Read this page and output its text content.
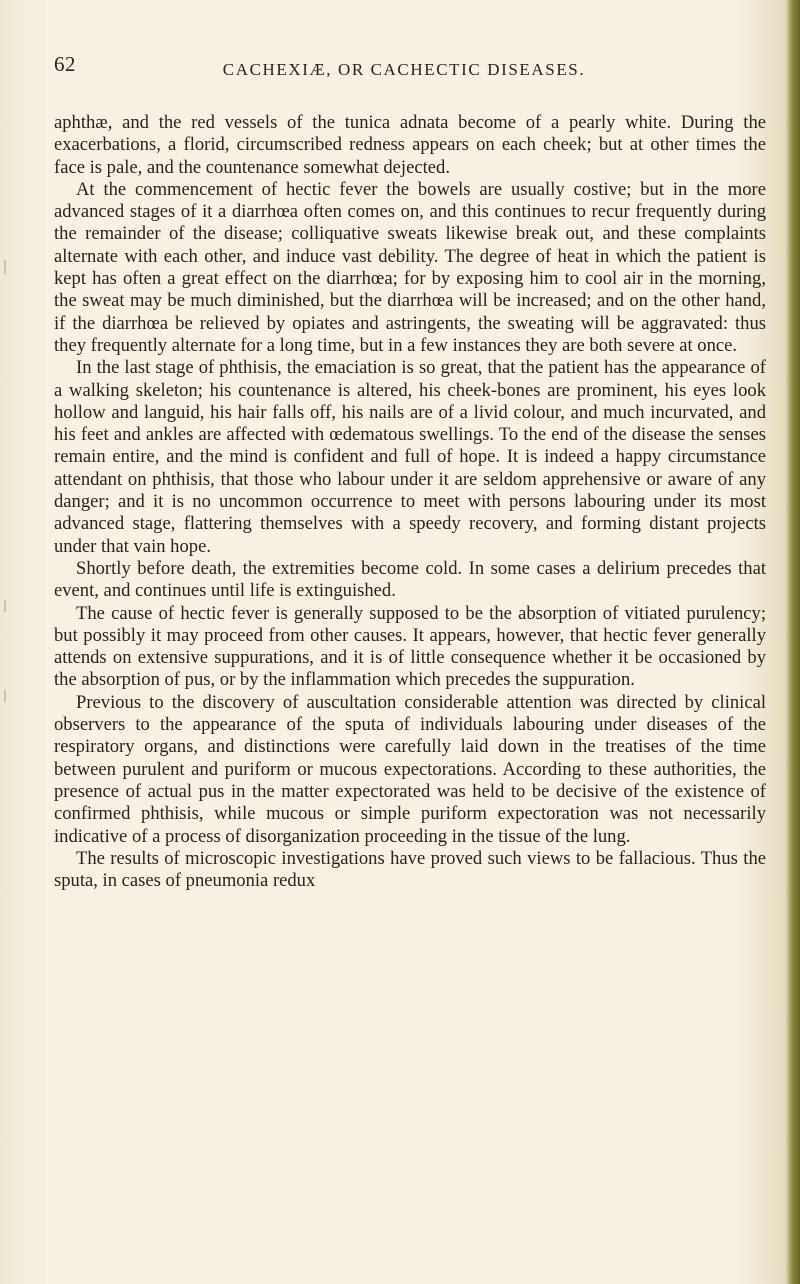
62	CACHEXIÆ, OR CACHECTIC DISEASES.

aphthæ, and the red vessels of the tunica adnata become of a pearly white. During the exacerbations, a florid, circumscribed redness appears on each cheek; but at other times the face is pale, and the countenance somewhat dejected.

At the commencement of hectic fever the bowels are usually costive; but in the more advanced stages of it a diarrhœa often comes on, and this continues to recur frequently during the remainder of the disease; colliquative sweats likewise break out, and these complaints alternate with each other, and induce vast debility. The degree of heat in which the patient is kept has often a great effect on the diarrhœa; for by exposing him to cool air in the morning, the sweat may be much diminished, but the diarrhœa will be increased; and on the other hand, if the diarrhœa be relieved by opiates and astringents, the sweating will be aggravated: thus they frequently alternate for a long time, but in a few instances they are both severe at once.

In the last stage of phthisis, the emaciation is so great, that the patient has the appearance of a walking skeleton; his countenance is altered, his cheek-bones are prominent, his eyes look hollow and languid, his hair falls off, his nails are of a livid colour, and much incurvated, and his feet and ankles are affected with œdematous swellings. To the end of the disease the senses remain entire, and the mind is confident and full of hope. It is indeed a happy circumstance attendant on phthisis, that those who labour under it are seldom apprehensive or aware of any danger; and it is no uncommon occurrence to meet with persons labouring under its most advanced stage, flattering themselves with a speedy recovery, and forming distant projects under that vain hope.

Shortly before death, the extremities become cold. In some cases a delirium precedes that event, and continues until life is extinguished.

The cause of hectic fever is generally supposed to be the absorption of vitiated purulency; but possibly it may proceed from other causes. It appears, however, that hectic fever generally attends on extensive suppurations, and it is of little consequence whether it be occasioned by the absorption of pus, or by the inflammation which precedes the suppuration.

Previous to the discovery of auscultation considerable attention was directed by clinical observers to the appearance of the sputa of individuals labouring under diseases of the respiratory organs, and distinctions were carefully laid down in the treatises of the time between purulent and puriform or mucous expectorations. According to these authorities, the presence of actual pus in the matter expectorated was held to be decisive of the existence of confirmed phthisis, while mucous or simple puriform expectoration was not necessarily indicative of a process of disorganization proceeding in the tissue of the lung.

The results of microscopic investigations have proved such views to be fallacious. Thus the sputa, in cases of pneumonia redux
